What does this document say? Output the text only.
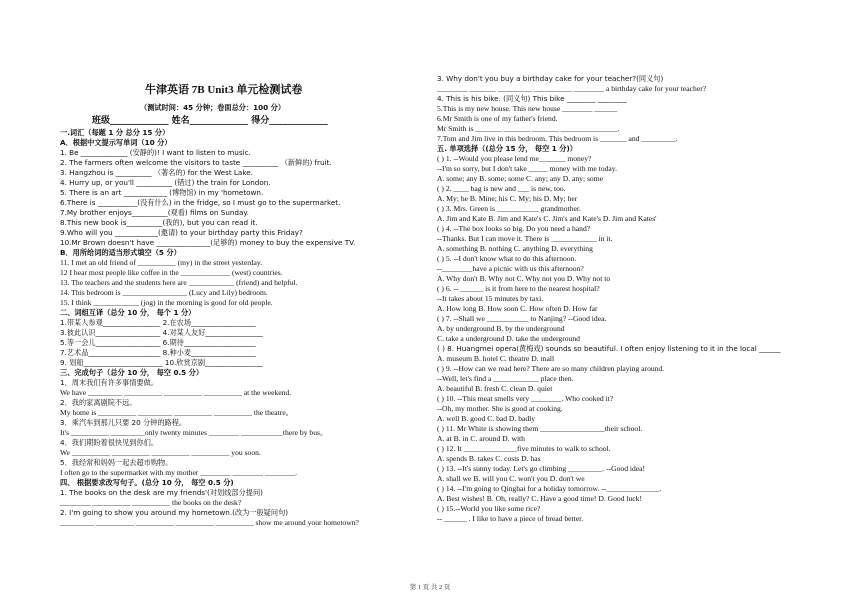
牛津英语 7B Unit3 单元检测试卷
（测试时间：45 分钟；卷面总分：100 分）
班级_____________ 姓名_____________ 得分_____________
一.词汇（每题 1 分 总分 15 分）
A．根据中文提示写单词（10 分）
1. Be _____________ (安静的)! I want to listen to music.
2. The farmers often welcome the visitors to taste __________ （新鲜的) fruit.
3. Hangzhou is __________ （著名的) for the West Lake.
4. Hurry up, or you'll __________ (错过) the train for London.
5. There is an art ____________ (博物馆) in my 'hometown.
6.There is ___________(没有什么) in the fridge, so I must go to the supermarket.
7.My brother enjoys__________(观看) films on Sunday.
8.This new book is__________(我的), but you can read it.
9.Who will you ____________(邀请) to your birthday party this Friday?
10.Mr Brown doesn't have _______________(足够的) money to buy the expensive TV.
B．用所给词的适当形式填空（5 分）
11. I met an old friend of __________ (my) in the street yesterday.
12 I hear most people like coffee in the _____________ (west) countries.
13. The teachers and the students here are ____________ (friend) and helpful.
14. This bedroom is _________________ (Lucy and Lily) bedroom.
15. I think ____________ (jog) in the morning is good for old people.
二、词组互译（总分 10 分， 每个 1 分）
1.带某人参观________________ 2.在农场__________________
3.彼此认识__________________ 4.对某人友好________________
5.等一会儿__________________ 6.期待____________________
7.艺术品____________________ 8.种小麦__________________
9. 划船______________________ 10.欣赏京剧________________
三、完成句子（总分 10 分， 每空 0.5 分）
1．周末我们有许多事情要做。
We have _________ __________ __________ __________ at the weekend.
2．我的家离剧院不远。
My home is __________ _________ __________ __________ the theatre。
3．乘汽车到那儿只要 20 分钟的路程。
It's __________ _________only twenty minutes ________ ___________there by bus。
4．我们期盼着很快见到你们。
We __________ __________ __________ __________ you soon.
5．我经常和妈妈一起去超市购物。
I often go to the supermarket with my mother ________ ________ ________.
四、 根据要求改写句子。(总分 10 分， 每空 0.5 分)
1. The books on the desk are my friends'(对划线部分提问)
________ __________ __________ the books on the desk?
2. I'm going to show you around my hometown.(改为一般疑问句)
_________ __________ __________ __________ __________ show me around your hometown?
3. Why don't you buy a birthday cake for your teacher?(同义句)
________ _______ _________ __________ ________ a birthday cake for your teacher?
4. This is his bike. (同义句) This bike ________ ________
5.This is my new house. This new house ________ ______
6.Mr Smith is one of my father's friend.
Mr Smith is _______ _______ _______ _______________.
7.Tom and Jim live in this bedroom. This bedroom is _______ and _________.
五. 单项选择（(总分 15 分， 每空 1 分)）
( ) 1. --Would you please lend me_______ money?
--I'm so sorry, but I don't take _____ money with me today.
A. some; any B. some; some C. any; any D. any; some
( ) 2. ____ bag is new and ___ is new, too.
A. My; he B. Mine; his C. My; his D. My; her
( ) 3. Mrs. Green is ___________ grandmother.
A. Jim and Kate B. Jim and Kate's C. Jim's and Kate's D. Jim and Kates'
( ) 4. --The box looks so big. Do you need a hand?
--Thanks. But I can move it. There is ____________ in it.
A. something B. nothing C. anything D. everything
( ) 5. --I don't know what to do this afternoon.
--________have a picnic with us this afternoon?
A. Why don't B. Why not C. Why not you D. Why not to
( ) 6. -- ______ is it from here to the nearest hospital?
--It takes about 15 minutes by taxi.
A. How long B. How soon C. How often D. How far
( ) 7. --Shall we ___________ to Nanjing? --Good idea.
A. by underground B. by the underground
C. take a underground D. take the underground
( ) 8. Huangmei opera(黄梅戏) sounds so beautiful. I often enjoy listening to it in the local ______
A. museum B. hotel C. theatre D. mall
( ) 9. --How can we read here? There are so many children playing around.
--Well, let's find a ____________ place then.
A. beautiful B. fresh C. clean D. quiet
( ) 10. --This meat smells very ________. Who cooked it?
--Oh, my mother. She is good at cooking.
A. well B. good C. bad D. badly
( ) 11. Mr White is showing them _________________their school.
A. at B. in C. around D. with
( ) 12. It ______________five minutes to walk to school.
A. spends B. takes C. costs D. has
( ) 13. --It's sunny today. Let's go climbing _________. --Good idea!
A. shall we B. will you C. won't you D. don't we
( ) 14. --I'm going to Qinghai for a holiday tomorrow. --______________.
A. Best wishes! B. Oh, really? C. Have a good time! D. Good luck!
( ) 15.--World you like some rice?
-- ______ . I like to have a piece of bread better.
第 1 页 共 2 页
